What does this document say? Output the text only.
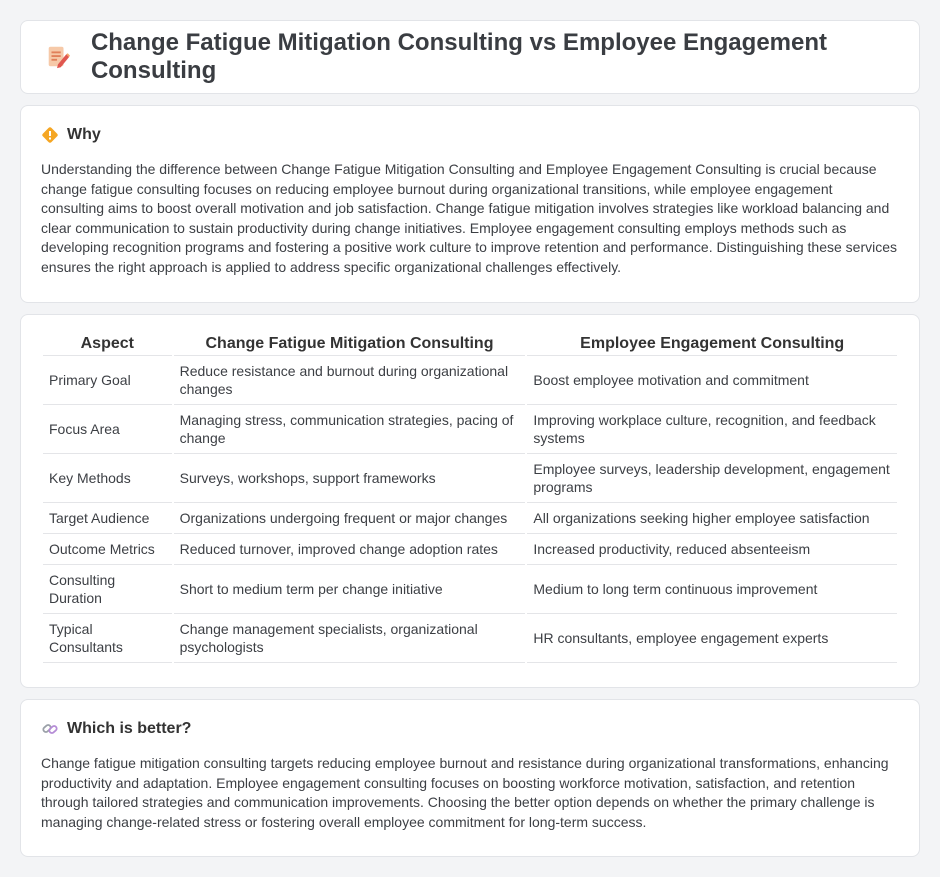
Change Fatigue Mitigation Consulting vs Employee Engagement Consulting
Why

Understanding the difference between Change Fatigue Mitigation Consulting and Employee Engagement Consulting is crucial because change fatigue consulting focuses on reducing employee burnout during organizational transitions, while employee engagement consulting aims to boost overall motivation and job satisfaction. Change fatigue mitigation involves strategies like workload balancing and clear communication to sustain productivity during change initiatives. Employee engagement consulting employs methods such as developing recognition programs and fostering a positive work culture to improve retention and performance. Distinguishing these services ensures the right approach is applied to address specific organizational challenges effectively.

Aspect	Change Fatigue Mitigation Consulting	Employee Engagement Consulting
Primary Goal	Reduce resistance and burnout during organizational changes	Boost employee motivation and commitment
Focus Area	Managing stress, communication strategies, pacing of change	Improving workplace culture, recognition, and feedback systems
Key Methods	Surveys, workshops, support frameworks	Employee surveys, leadership development, engagement programs
Target Audience	Organizations undergoing frequent or major changes	All organizations seeking higher employee satisfaction
Outcome Metrics	Reduced turnover, improved change adoption rates	Increased productivity, reduced absenteeism
Consulting Duration	Short to medium term per change initiative	Medium to long term continuous improvement
Typical Consultants	Change management specialists, organizational psychologists	HR consultants, employee engagement experts
Which is better?

Change fatigue mitigation consulting targets reducing employee burnout and resistance during organizational transformations, enhancing productivity and adaptation. Employee engagement consulting focuses on boosting workforce motivation, satisfaction, and retention through tailored strategies and communication improvements. Choosing the better option depends on whether the primary challenge is managing change-related stress or fostering overall employee commitment for long-term success.
